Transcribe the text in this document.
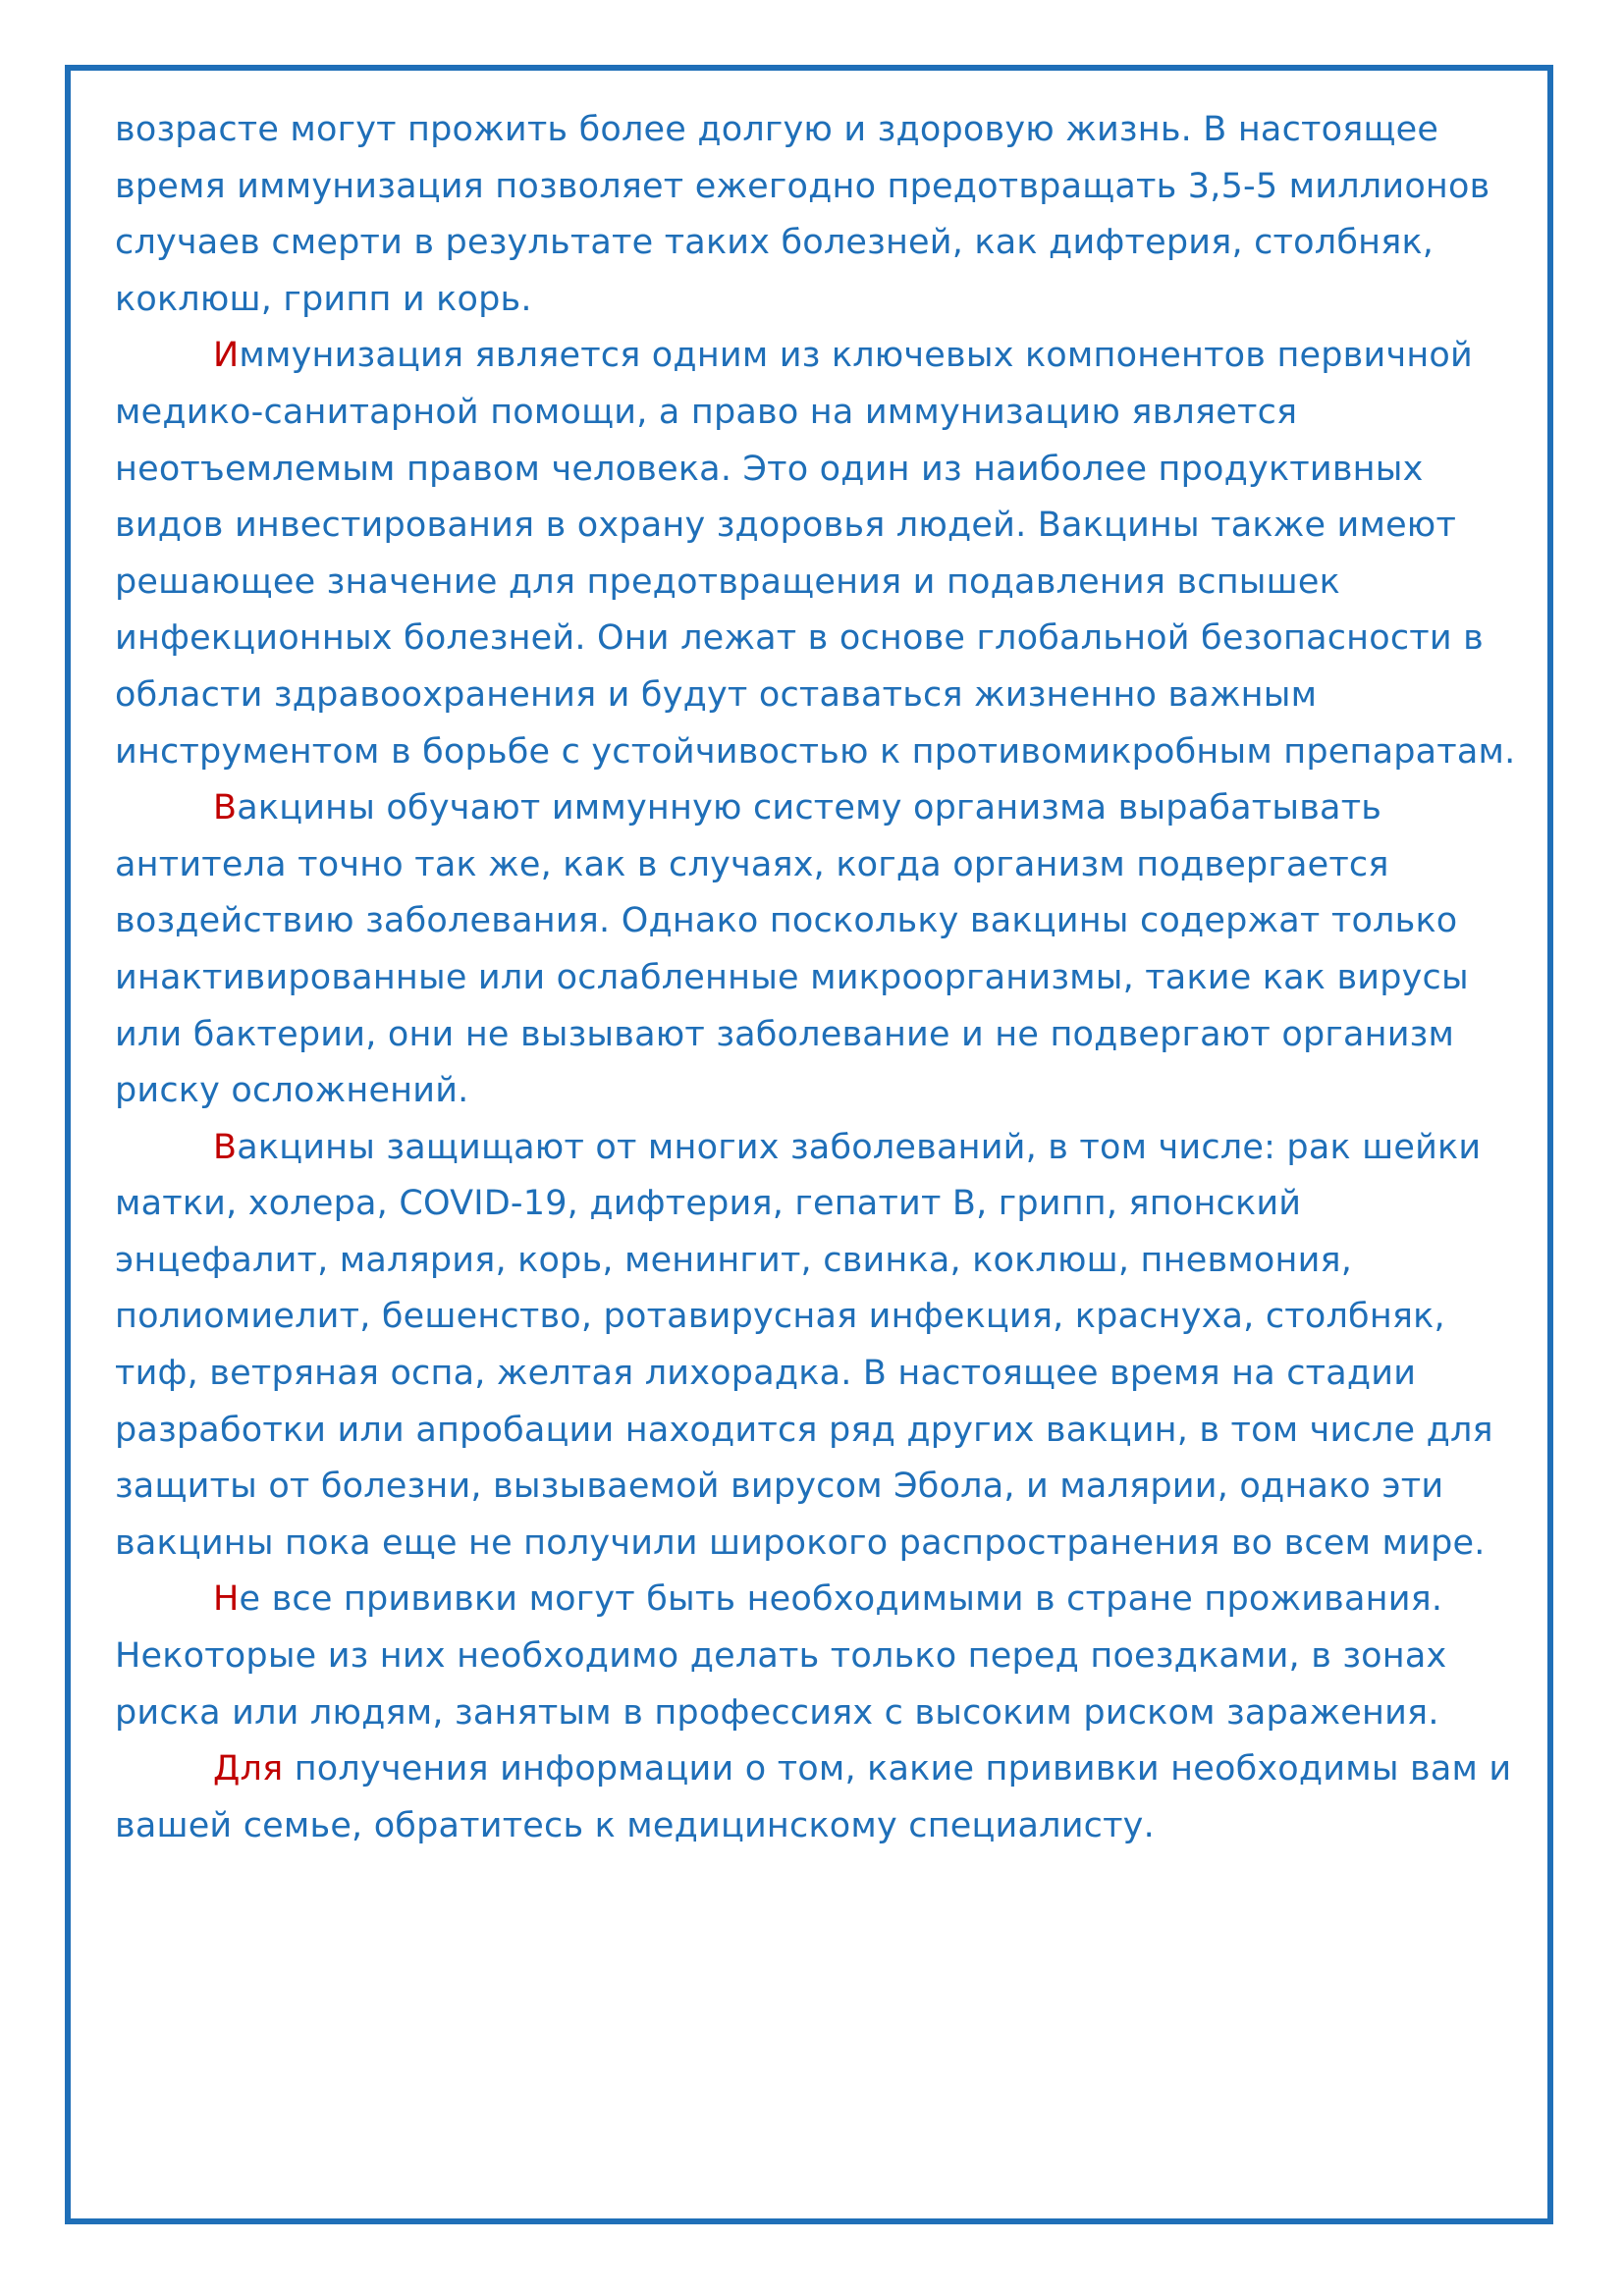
возрасте могут прожить более долгую и здоровую жизнь. В настоящее время иммунизация позволяет ежегодно предотвращать 3,5-5 миллионов случаев смерти в результате таких болезней, как дифтерия, столбняк, коклюш, грипп и корь.

Иммунизация является одним из ключевых компонентов первичной медико-санитарной помощи, а право на иммунизацию является неотъемлемым правом человека. Это один из наиболее продуктивных видов инвестирования в охрану здоровья людей. Вакцины также имеют решающее значение для предотвращения и подавления вспышек инфекционных болезней. Они лежат в основе глобальной безопасности в области здравоохранения и будут оставаться жизненно важным инструментом в борьбе с устойчивостью к противомикробным препаратам.

Вакцины обучают иммунную систему организма вырабатывать антитела точно так же, как в случаях, когда организм подвергается воздействию заболевания. Однако поскольку вакцины содержат только инактивированные или ослабленные микроорганизмы, такие как вирусы или бактерии, они не вызывают заболевание и не подвергают организм риску осложнений.

Вакцины защищают от многих заболеваний, в том числе: рак шейки матки, холера, COVID-19, дифтерия, гепатит B, грипп, японский энцефалит, малярия, корь, менингит, свинка, коклюш, пневмония, полиомиелит, бешенство, ротавирусная инфекция, краснуха, столбняк, тиф, ветряная оспа, желтая лихорадка. В настоящее время на стадии разработки или апробации находится ряд других вакцин, в том числе для защиты от болезни, вызываемой вирусом Эбола, и малярии, однако эти вакцины пока еще не получили широкого распространения во всем мире.

Не все прививки могут быть необходимыми в стране проживания. Некоторые из них необходимо делать только перед поездками, в зонах риска или людям, занятым в профессиях с высоким риском заражения.

Для получения информации о том, какие прививки необходимы вам и вашей семье, обратитесь к медицинскому специалисту.
